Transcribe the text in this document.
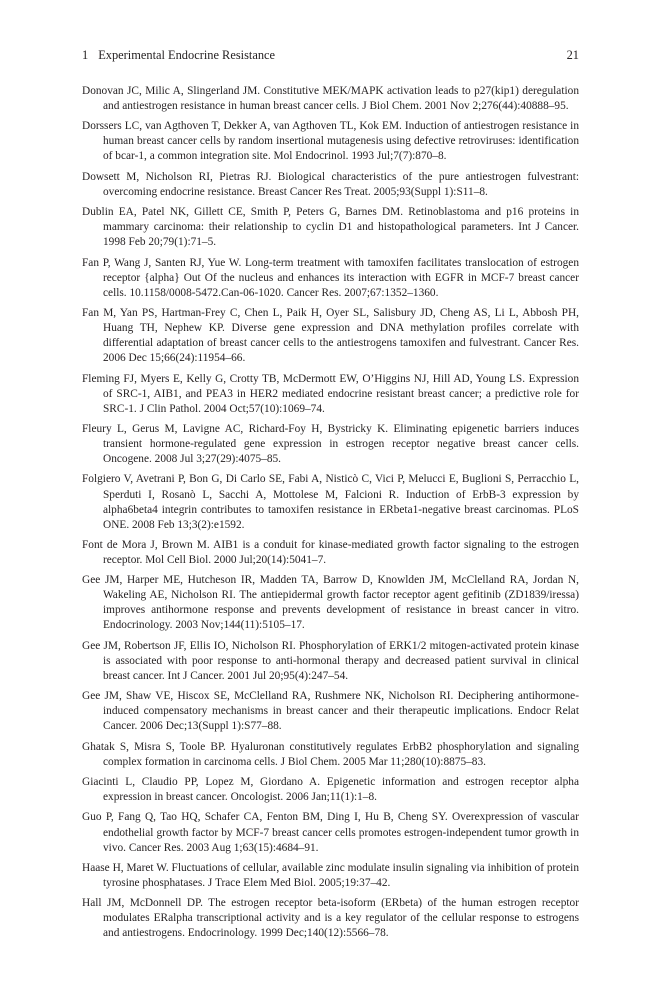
1 Experimental Endocrine Resistance	21
Donovan JC, Milic A, Slingerland JM. Constitutive MEK/MAPK activation leads to p27(kip1) deregulation and antiestrogen resistance in human breast cancer cells. J Biol Chem. 2001 Nov 2;276(44):40888–95.
Dorssers LC, van Agthoven T, Dekker A, van Agthoven TL, Kok EM. Induction of antiestrogen resistance in human breast cancer cells by random insertional mutagenesis using defective retroviruses: identification of bcar-1, a common integration site. Mol Endocrinol. 1993 Jul;7(7):870–8.
Dowsett M, Nicholson RI, Pietras RJ. Biological characteristics of the pure antiestrogen fulvestrant: overcoming endocrine resistance. Breast Cancer Res Treat. 2005;93(Suppl 1):S11–8.
Dublin EA, Patel NK, Gillett CE, Smith P, Peters G, Barnes DM. Retinoblastoma and p16 proteins in mammary carcinoma: their relationship to cyclin D1 and histopathological parameters. Int J Cancer. 1998 Feb 20;79(1):71–5.
Fan P, Wang J, Santen RJ, Yue W. Long-term treatment with tamoxifen facilitates translocation of estrogen receptor {alpha} Out Of the nucleus and enhances its interaction with EGFR in MCF-7 breast cancer cells. 10.1158/0008-5472.Can-06-1020. Cancer Res. 2007;67:1352–1360.
Fan M, Yan PS, Hartman-Frey C, Chen L, Paik H, Oyer SL, Salisbury JD, Cheng AS, Li L, Abbosh PH, Huang TH, Nephew KP. Diverse gene expression and DNA methylation profiles correlate with differential adaptation of breast cancer cells to the antiestrogens tamoxifen and fulvestrant. Cancer Res. 2006 Dec 15;66(24):11954–66.
Fleming FJ, Myers E, Kelly G, Crotty TB, McDermott EW, O’Higgins NJ, Hill AD, Young LS. Expression of SRC-1, AIB1, and PEA3 in HER2 mediated endocrine resistant breast cancer; a predictive role for SRC-1. J Clin Pathol. 2004 Oct;57(10):1069–74.
Fleury L, Gerus M, Lavigne AC, Richard-Foy H, Bystricky K. Eliminating epigenetic barriers induces transient hormone-regulated gene expression in estrogen receptor negative breast cancer cells. Oncogene. 2008 Jul 3;27(29):4075–85.
Folgiero V, Avetrani P, Bon G, Di Carlo SE, Fabi A, Nisticò C, Vici P, Melucci E, Buglioni S, Perracchio L, Sperduti I, Rosanò L, Sacchi A, Mottolese M, Falcioni R. Induction of ErbB-3 expression by alpha6beta4 integrin contributes to tamoxifen resistance in ERbeta1-negative breast carcinomas. PLoS ONE. 2008 Feb 13;3(2):e1592.
Font de Mora J, Brown M. AIB1 is a conduit for kinase-mediated growth factor signaling to the estrogen receptor. Mol Cell Biol. 2000 Jul;20(14):5041–7.
Gee JM, Harper ME, Hutcheson IR, Madden TA, Barrow D, Knowlden JM, McClelland RA, Jordan N, Wakeling AE, Nicholson RI. The antiepidermal growth factor receptor agent gefitinib (ZD1839/iressa) improves antihormone response and prevents development of resistance in breast cancer in vitro. Endocrinology. 2003 Nov;144(11):5105–17.
Gee JM, Robertson JF, Ellis IO, Nicholson RI. Phosphorylation of ERK1/2 mitogen-activated protein kinase is associated with poor response to anti-hormonal therapy and decreased patient survival in clinical breast cancer. Int J Cancer. 2001 Jul 20;95(4):247–54.
Gee JM, Shaw VE, Hiscox SE, McClelland RA, Rushmere NK, Nicholson RI. Deciphering antihormone-induced compensatory mechanisms in breast cancer and their therapeutic implications. Endocr Relat Cancer. 2006 Dec;13(Suppl 1):S77–88.
Ghatak S, Misra S, Toole BP. Hyaluronan constitutively regulates ErbB2 phosphorylation and signaling complex formation in carcinoma cells. J Biol Chem. 2005 Mar 11;280(10):8875–83.
Giacinti L, Claudio PP, Lopez M, Giordano A. Epigenetic information and estrogen receptor alpha expression in breast cancer. Oncologist. 2006 Jan;11(1):1–8.
Guo P, Fang Q, Tao HQ, Schafer CA, Fenton BM, Ding I, Hu B, Cheng SY. Overexpression of vascular endothelial growth factor by MCF-7 breast cancer cells promotes estrogen-independent tumor growth in vivo. Cancer Res. 2003 Aug 1;63(15):4684–91.
Haase H, Maret W. Fluctuations of cellular, available zinc modulate insulin signaling via inhibition of protein tyrosine phosphatases. J Trace Elem Med Biol. 2005;19:37–42.
Hall JM, McDonnell DP. The estrogen receptor beta-isoform (ERbeta) of the human estrogen receptor modulates ERalpha transcriptional activity and is a key regulator of the cellular response to estrogens and antiestrogens. Endocrinology. 1999 Dec;140(12):5566–78.
